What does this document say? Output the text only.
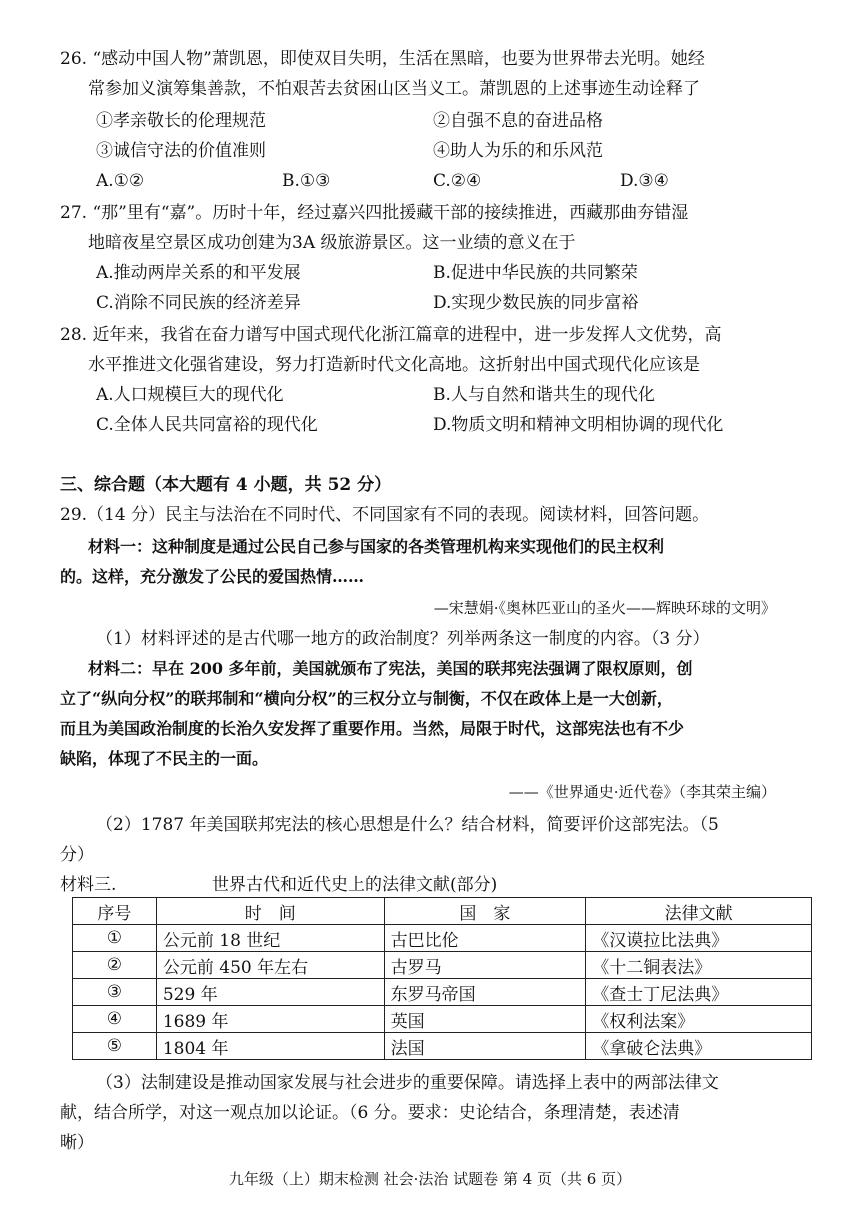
26. “感动中国人物”萧凯恩，即使双目失明，生活在黑暗，也要为世界带去光明。她经
常参加义演筹集善款，不怕艰苦去贫困山区当义工。萧凯恩的上述事迹生动诠释了
①孝亲敬长的伦理规范	②自强不息的奋进品格
③诚信守法的价值准则	④助人为乐的和乐风范
A.①②	B.①③	C.②④	D.③④
27. “那”里有“嘉”。历时十年，经过嘉兴四批援藏干部的接续推进，西藏那曲夯错湿
地暗夜星空景区成功创建为3A 级旅游景区。这一业绩的意义在于
A.推动两岸关系的和平发展	B.促进中华民族的共同繁荣
C.消除不同民族的经济差异	D.实现少数民族的同步富裕
28. 近年来，我省在奋力谱写中国式现代化浙江篇章的进程中，进一步发挥人文优势，高
水平推进文化强省建设，努力打造新时代文化高地。这折射出中国式现代化应该是
A.人口规模巨大的现代化	B.人与自然和谐共生的现代化
C.全体人民共同富裕的现代化	D.物质文明和精神文明相协调的现代化
三、综合题（本大题有 4 小题，共 52 分）
29.（14 分）民主与法治在不同时代、不同国家有不同的表现。阅读材料，回答问题。
材料一：这种制度是通过公民自己参与国家的各类管理机构来实现他们的民主权利
的。这样，充分激发了公民的爱国热情……
—宋慧娟·《奥林匹亚山的圣火——辉映环球的文明》
（1）材料评述的是古代哪一地方的政治制度？列举两条这一制度的内容。（3 分）
材料二：早在 200 多年前，美国就颁布了宪法，美国的联邦宪法强调了限权原则，创
立了“纵向分权”的联邦制和“横向分权”的三权分立与制衡，不仅在政体上是一大创新，
而且为美国政治制度的长治久安发挥了重要作用。当然，局限于时代，这部宪法也有不少
缺陷，体现了不民主的一面。
——《世界通史·近代卷》（李其荣主编）
（2）1787 年美国联邦宪法的核心思想是什么？结合材料，简要评价这部宪法。（5
分）
材料三.	世界古代和近代史上的法律文献(部分)
序号	时　间	国　家	法律文献
①	公元前 18 世纪	古巴比伦	《汉谟拉比法典》
②	公元前 450 年左右	古罗马	《十二铜表法》
③	529 年	东罗马帝国	《查士丁尼法典》
④	1689 年	英国	《权利法案》
⑤	1804 年	法国	《拿破仑法典》
（3）法制建设是推动国家发展与社会进步的重要保障。请选择上表中的两部法律文
献，结合所学，对这一观点加以论证。（6 分。要求：史论结合，条理清楚，表述清
晰）
九年级（上）期末检测 社会·法治 试题卷 第 4 页（共 6 页）
